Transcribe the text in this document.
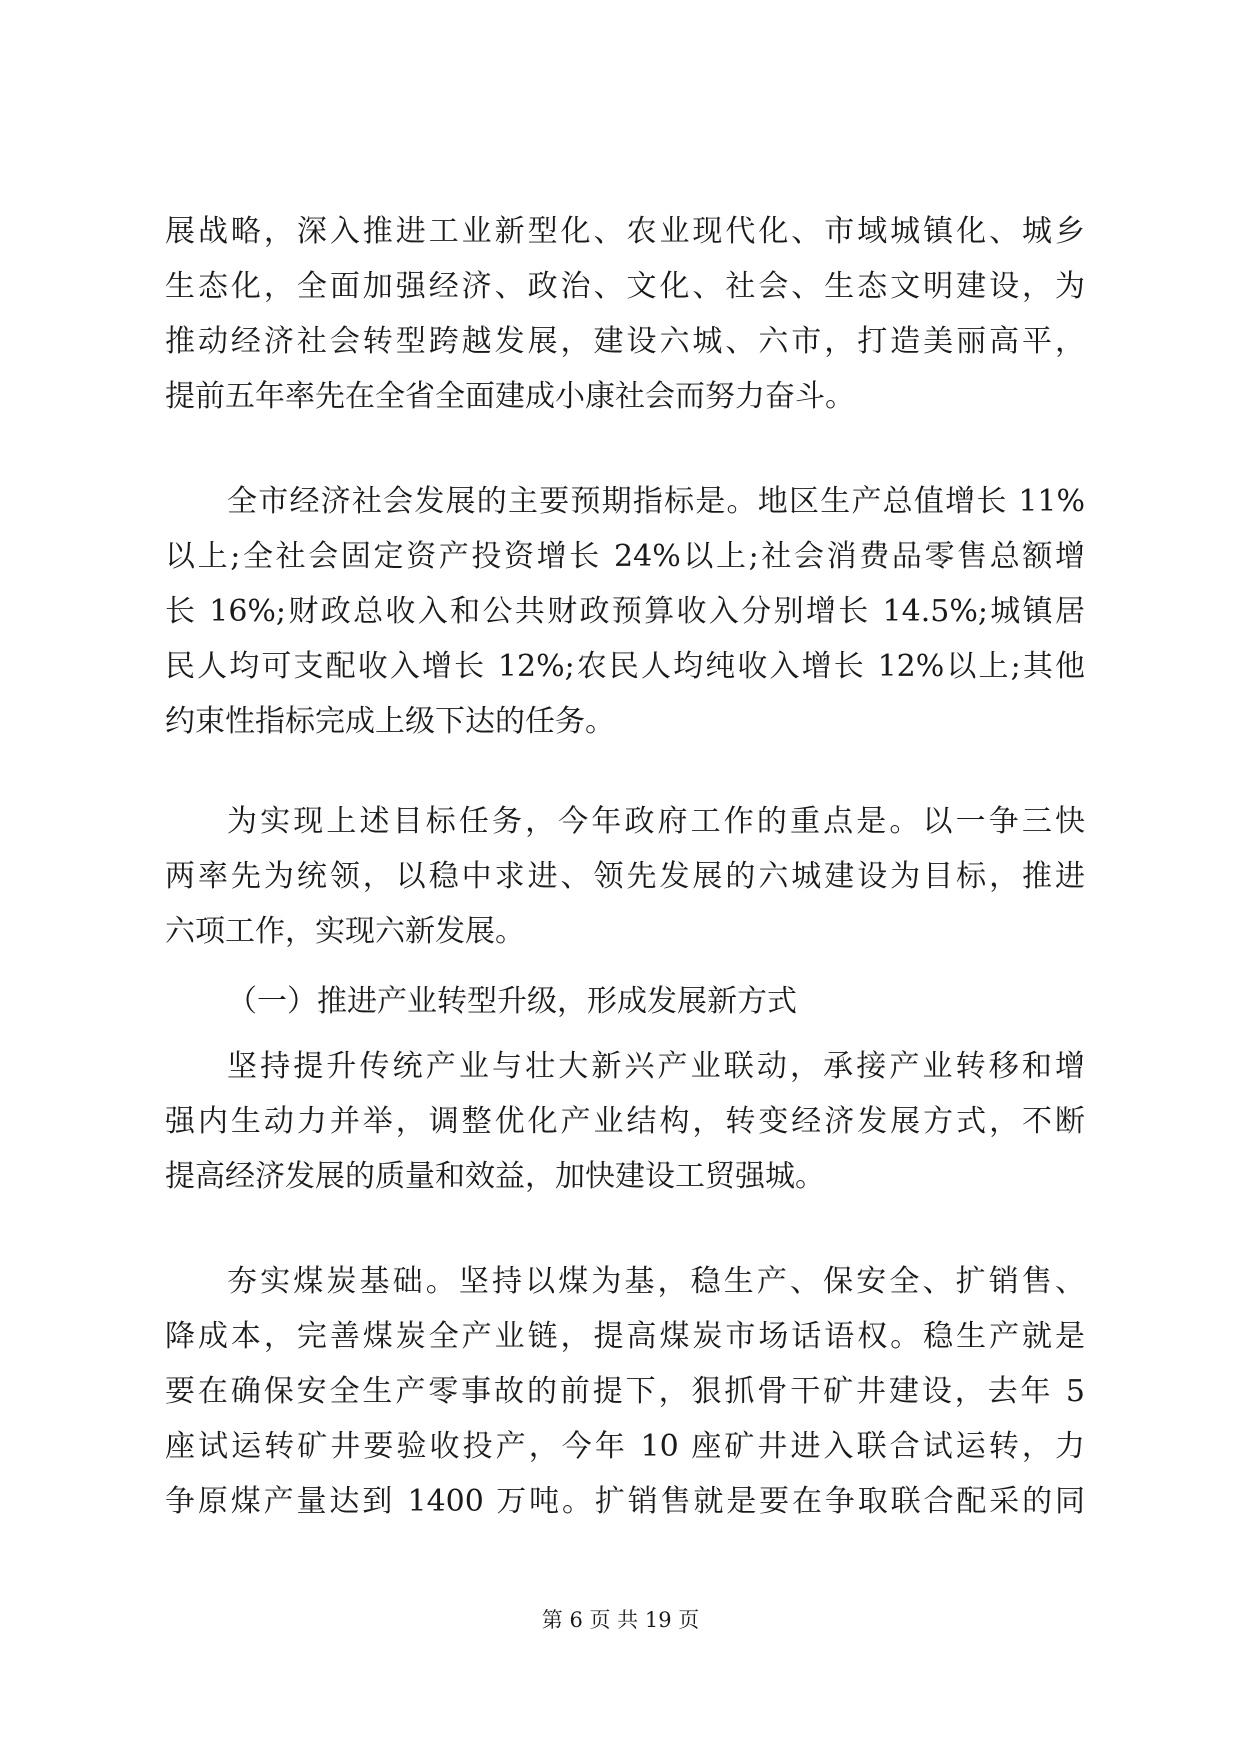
展战略，深入推进工业新型化、农业现代化、市域城镇化、城乡
生态化，全面加强经济、政治、文化、社会、生态文明建设，为
推动经济社会转型跨越发展，建设六城、六市，打造美丽高平，
提前五年率先在全省全面建成小康社会而努力奋斗。
全市经济社会发展的主要预期指标是。地区生产总值增长 11%
以上;全社会固定资产投资增长 24%以上;社会消费品零售总额增
长 16%;财政总收入和公共财政预算收入分别增长 14.5%;城镇居
民人均可支配收入增长 12%;农民人均纯收入增长 12%以上;其他
约束性指标完成上级下达的任务。
为实现上述目标任务，今年政府工作的重点是。以一争三快
两率先为统领，以稳中求进、领先发展的六城建设为目标，推进
六项工作，实现六新发展。
（一）推进产业转型升级，形成发展新方式
坚持提升传统产业与壮大新兴产业联动，承接产业转移和增
强内生动力并举，调整优化产业结构，转变经济发展方式，不断
提高经济发展的质量和效益，加快建设工贸强城。
夯实煤炭基础。坚持以煤为基，稳生产、保安全、扩销售、
降成本，完善煤炭全产业链，提高煤炭市场话语权。稳生产就是
要在确保安全生产零事故的前提下，狠抓骨干矿井建设，去年 5
座试运转矿井要验收投产，今年 10 座矿井进入联合试运转，力
争原煤产量达到 1400 万吨。扩销售就是要在争取联合配采的同
第 6 页 共 19 页
